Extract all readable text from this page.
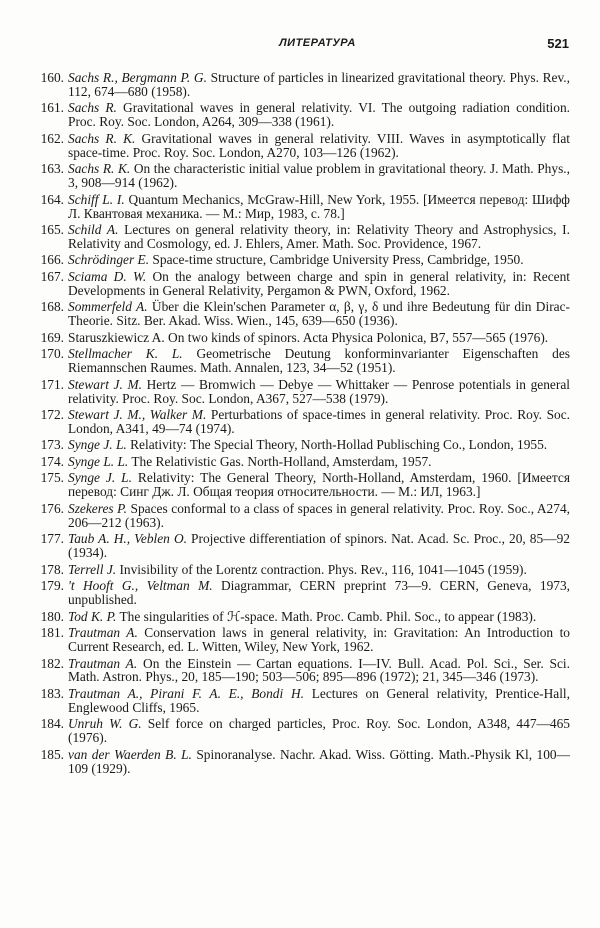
ЛИТЕРАТУРА	521
160. Sachs R., Bergmann P. G. Structure of particles in linearized gravitational theory. Phys. Rev., 112, 674—680 (1958).
161. Sachs R. Gravitational waves in general relativity. VI. The outgoing radiation condition. Proc. Roy. Soc. London, A264, 309—338 (1961).
162. Sachs R. K. Gravitational waves in general relativity. VIII. Waves in asymptotically flat space-time. Proc. Roy. Soc. London, A270, 103—126 (1962).
163. Sachs R. K. On the characteristic initial value problem in gravitational theory. J. Math. Phys., 3, 908—914 (1962).
164. Schiff L. I. Quantum Mechanics, McGraw-Hill, New York, 1955. [Имеется перевод: Шифф Л. Квантовая механика. — М.: Мир, 1983, с. 78.]
165. Schild A. Lectures on general relativity theory, in: Relativity Theory and Astrophysics, I. Relativity and Cosmology, ed. J. Ehlers, Amer. Math. Soc. Providence, 1967.
166. Schrödinger E. Space-time structure, Cambridge University Press, Cambridge, 1950.
167. Sciama D. W. On the analogy between charge and spin in general relativity, in: Recent Developments in General Relativity, Pergamon & PWN, Oxford, 1962.
168. Sommerfeld A. Über die Klein'schen Parameter α, β, γ, δ und ihre Bedeutung für din Dirac-Theorie. Sitz. Ber. Akad. Wiss. Wien., 145, 639—650 (1936).
169. Staruszkiewicz A. On two kinds of spinors. Acta Physica Polonica, B7, 557—565 (1976).
170. Stellmacher K. L. Geometrische Deutung konforminvarianter Eigenschaften des Riemannschen Raumes. Math. Annalen, 123, 34—52 (1951).
171. Stewart J. M. Hertz — Bromwich — Debye — Whittaker — Penrose potentials in general relativity. Proc. Roy. Soc. London, A367, 527—538 (1979).
172. Stewart J. M., Walker M. Perturbations of space-times in general relativity. Proc. Roy. Soc. London, A341, 49—74 (1974).
173. Synge J. L. Relativity: The Special Theory, North-Hollad Publisching Co., London, 1955.
174. Synge L. L. The Relativistic Gas. North-Holland, Amsterdam, 1957.
175. Synge J. L. Relativity: The General Theory, North-Holland, Amsterdam, 1960. [Имеется перевод: Синг Дж. Л. Общая теория относительности. — М.: ИЛ, 1963.]
176. Szekeres P. Spaces conformal to a class of spaces in general relativity. Proc. Roy. Soc., A274, 206—212 (1963).
177. Taub A. H., Veblen O. Projective differentiation of spinors. Nat. Acad. Sc. Proc., 20, 85—92 (1934).
178. Terrell J. Invisibility of the Lorentz contraction. Phys. Rev., 116, 1041—1045 (1959).
179. 't Hooft G., Veltman M. Diagrammar, CERN preprint 73—9. CERN, Geneva, 1973, unpublished.
180. Tod K. P. The singularities of ℋ-space. Math. Proc. Camb. Phil. Soc., to appear (1983).
181. Trautman A. Conservation laws in general relativity, in: Gravitation: An Introduction to Current Research, ed. L. Witten, Wiley, New York, 1962.
182. Trautman A. On the Einstein — Cartan equations. I—IV. Bull. Acad. Pol. Sci., Ser. Sci. Math. Astron. Phys., 20, 185—190; 503—506; 895—896 (1972); 21, 345—346 (1973).
183. Trautman A., Pirani F. A. E., Bondi H. Lectures on General relativity, Prentice-Hall, Englewood Cliffs, 1965.
184. Unruh W. G. Self force on charged particles, Proc. Roy. Soc. London, A348, 447—465 (1976).
185. van der Waerden B. L. Spinoranalyse. Nachr. Akad. Wiss. Göttіng. Math.-Physik Kl, 100—109 (1929).
